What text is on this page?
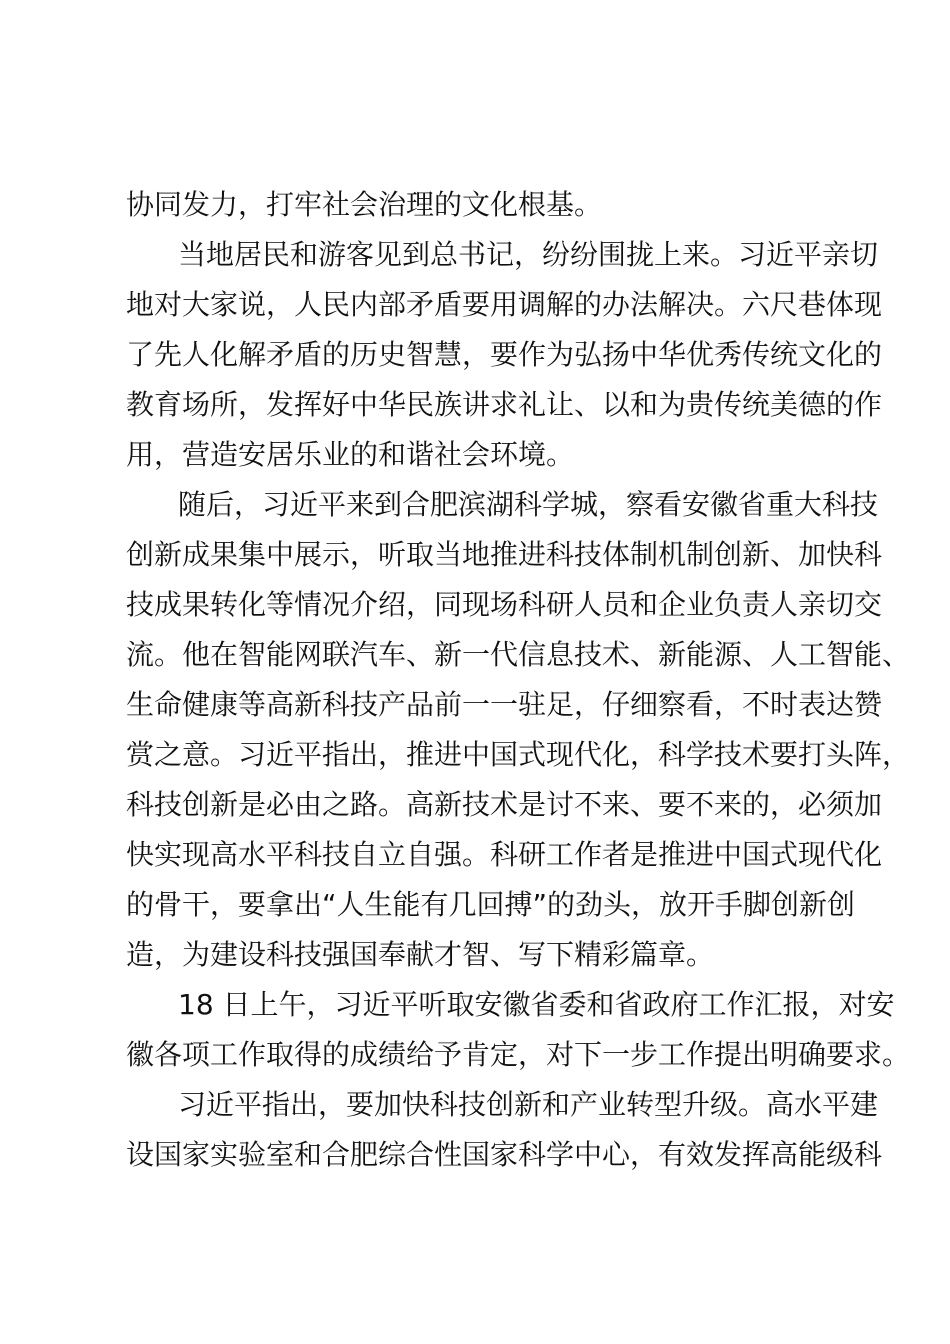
协同发力，打牢社会治理的文化根基。
当地居民和游客见到总书记，纷纷围拢上来。习近平亲切
地对大家说，人民内部矛盾要用调解的办法解决。六尺巷体现
了先人化解矛盾的历史智慧，要作为弘扬中华优秀传统文化的
教育场所，发挥好中华民族讲求礼让、以和为贵传统美德的作
用，营造安居乐业的和谐社会环境。
随后，习近平来到合肥滨湖科学城，察看安徽省重大科技
创新成果集中展示，听取当地推进科技体制机制创新、加快科
技成果转化等情况介绍，同现场科研人员和企业负责人亲切交
流。他在智能网联汽车、新一代信息技术、新能源、人工智能、
生命健康等高新科技产品前一一驻足，仔细察看，不时表达赞
赏之意。习近平指出，推进中国式现代化，科学技术要打头阵，
科技创新是必由之路。高新技术是讨不来、要不来的，必须加
快实现高水平科技自立自强。科研工作者是推进中国式现代化
的骨干，要拿出“人生能有几回搏”的劲头，放开手脚创新创
造，为建设科技强国奉献才智、写下精彩篇章。
18 日上午，习近平听取安徽省委和省政府工作汇报，对安
徽各项工作取得的成绩给予肯定，对下一步工作提出明确要求。
习近平指出，要加快科技创新和产业转型升级。高水平建
设国家实验室和合肥综合性国家科学中心，有效发挥高能级科
